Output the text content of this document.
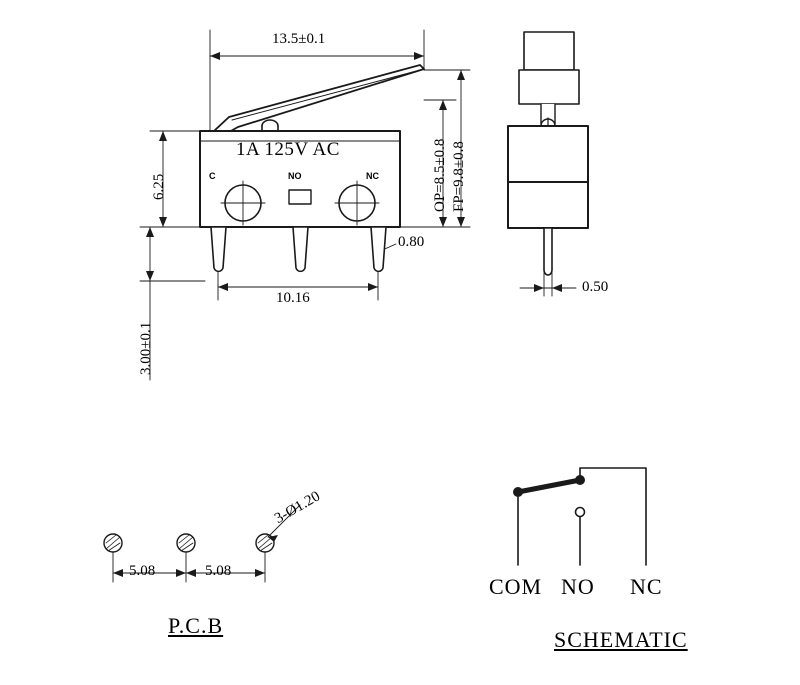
13.5±0.1
6.25
3.00±0.1
10.16
0.80
OP=8.5±0.8 FP=9.8±0.8
1A 125V AC
C	NO	NC
0.50
3-Ø1.20
5.08	5.08
P.C.B
COM NO NC
SCHEMATIC
